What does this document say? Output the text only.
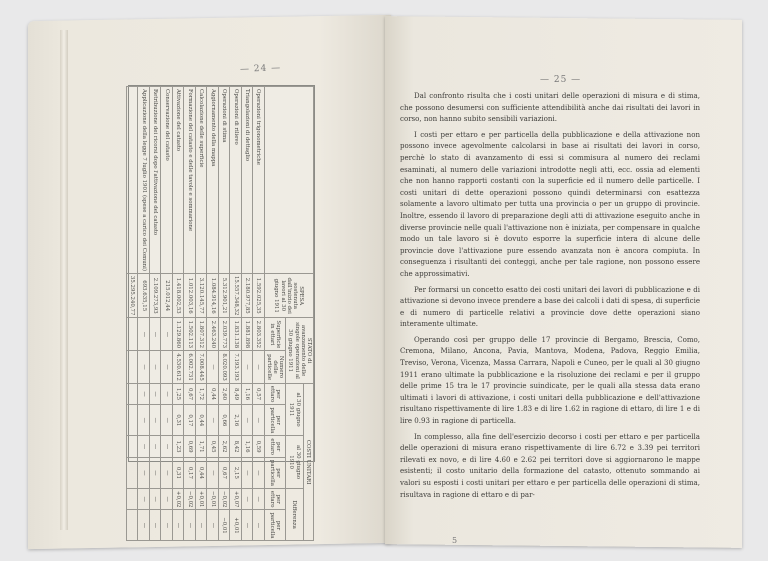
— 24 —
	SPESA sostenuta dall'inizio dei lavori al 30 giugno 1911	STATO di avanzamento delle singole operazioni al 30 giugno 1911		COSTI UNITARI					
				al 30 giugno 1911		al 30 giugno 1910		Differenza	
		Superficie in ettari	Numero delle particelle	per ettaro	per particella	per ettaro	per particella	per ettaro	per particella
Operazioni trigonometriche	1.592.025,35	2.803.352	—	0,57	—	0,59	—	—	—
Triangolazioni di dettaglio	2.180.977,85	1.881.898	—	1,16	—	1,16	—	—	—
Operazioni di rilievo	15.557.348,32	1.831.138	7.193.193	8,49	2,16	8,42	2,15	+0,07	+0,01
Operazioni di stima	5.312.901,21	2.039.773	8.020.093	2,60	0,66	2,62	0,67	−0,02	−0,01
Aggiornamento della mappa	1.084.914,16	2.463.240	—	0,44	—	0,45	—	−0,01	—
Calcolazione delle superficie	3.120.145,77	1.807.312	7.008.445	1,72	0,44	1,71	0,44	+0,01	—
Formazione del catasto e delle tavole e sommarione	1.012.003,16	1.502.113	6.002.731	0,67	0,17	0,69	0,17	−0,02	—
Attivazione del catasto	1.418.002,53	1.129.860	4.530.612	1,25	0,31	1,23	0,31	+0,02	—
Conservazione del catasto	215.012,44	—	—	—	—	—	—	—	—
Retribuzione dei ricorsi dopo l'attivazione del catasto	2.109.273,93	—	—	—	—	—	—	—	—
Applicazione della legge 7 luglio 1901 (spese a carico dei Comuni)	693.635,15	—	—	—	—	—	—	—	—
	35.295.240,77								
— 25 —

Dal confronto risulta che i costi unitari delle operazioni di misura e di stima, che possono desumersi con sufficiente attendibilità anche dai risultati dei lavori in corso, non hanno subito sensibili variazioni.

I costi per ettaro e per particella della pubblicazione e della attivazione non possono invece agevolmente calcolarsi in base ai risultati dei lavori in corso, perchè lo stato di avanzamento di essi si commisura al numero dei reclami esaminati, al numero delle variazioni introdotte negli atti, ecc. ossia ad elementi che non hanno rapporti costanti con la superficie ed il numero delle particelle. I costi unitari di dette operazioni possono quindi determinarsi con esattezza solamente a lavoro ultimato per tutta una provincia o per un gruppo di provincie. Inoltre, essendo il lavoro di preparazione degli atti di attivazione eseguito anche in diverse provincie nelle quali l'attivazione non è iniziata, per compensare in qualche modo un tale lavoro si è dovuto esporre la superficie intera di alcune delle provincie dove l'attivazione pure essendo avanzata non è ancora compiuta. In conseguenza i risultanti dei conteggi, anche per tale ragione, non possono essere che approssimativi.

Per formarsi un concetto esatto dei costi unitari dei lavori di pubblicazione e di attivazione si devono invece prendere a base dei calcoli i dati di spesa, di superficie e di numero di particelle relativi a provincie dove dette operazioni siano interamente ultimate.

Operando così per gruppo delle 17 provincie di Bergamo, Brescia, Como, Cremona, Milano, Ancona, Pavia, Mantova, Modena, Padova, Reggio Emilia, Treviso, Verona, Vicenza, Massa Carrara, Napoli e Cuneo, per le quali al 30 giugno 1911 erano ultimate la pubblicazione e la risoluzione dei reclami e per il gruppo delle prime 15 tra le 17 provincie suindicate, per le quali alla stessa data erano ultimati i lavori di attivazione, i costi unitari della pubblicazione e dell'attivazione risultano rispettivamente di lire 1.83 e di lire 1.62 in ragione di ettaro, di lire 1 e di lire 0.93 in ragione di particella.

In complesso, alla fine dell'esercizio decorso i costi per ettaro e per particella delle operazioni di misura erano rispettivamente di lire 6.72 e 3.39 pei territori rilevati ex novo, e di lire 4.60 e 2.62 pei territori dove si aggiornarono le mappe esistenti; il costo unitario della formazione del catasto, ottenuto sommando ai valori su esposti i costi unitari per ettaro e per particella delle operazioni di stima, risultava in ragione di ettaro e di par-

5
